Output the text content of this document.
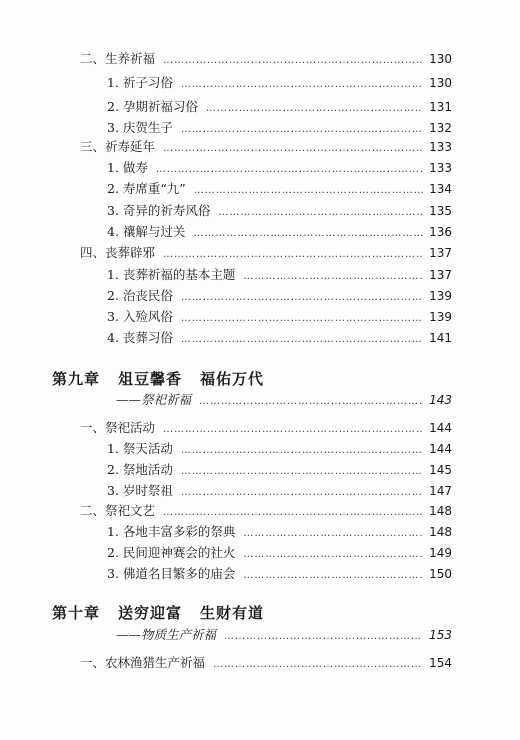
二、生养祈福 …………………………………………………………………………………………………………………………………………	130
1. 祈子习俗 …………………………………………………………………………………………………………………………………………	130
2. 孕期祈福习俗 …………………………………………………………………………………………………………………………………………	131
3. 庆贺生子 …………………………………………………………………………………………………………………………………………	132
三、祈寿延年 …………………………………………………………………………………………………………………………………………	133
1. 做寿 …………………………………………………………………………………………………………………………………………	133
2. 寿席重“九” …………………………………………………………………………………………………………………………………………	134
3. 奇异的祈寿风俗 …………………………………………………………………………………………………………………………………………	135
4. 禳解与过关 …………………………………………………………………………………………………………………………………………	136
四、丧葬辟邪 …………………………………………………………………………………………………………………………………………	137
1. 丧葬祈福的基本主题 …………………………………………………………………………………………………………………………………………	137
2. 治丧民俗 …………………………………………………………………………………………………………………………………………	139
3. 入殓风俗 …………………………………………………………………………………………………………………………………………	139
4. 丧葬习俗 …………………………………………………………………………………………………………………………………………	141
第九章 俎豆馨香 福佑万代
——祭祀祈福 …………………………………………………………………………………………………………………………………………	143
一、祭祀活动 …………………………………………………………………………………………………………………………………………	144
1. 祭天活动 …………………………………………………………………………………………………………………………………………	144
2. 祭地活动 …………………………………………………………………………………………………………………………………………	145
3. 岁时祭祖 …………………………………………………………………………………………………………………………………………	147
二、祭祀文艺 …………………………………………………………………………………………………………………………………………	148
1. 各地丰富多彩的祭典 …………………………………………………………………………………………………………………………………………	148
2. 民间迎神赛会的社火 …………………………………………………………………………………………………………………………………………	149
3. 佛道名目繁多的庙会 …………………………………………………………………………………………………………………………………………	150
第十章 送穷迎富 生财有道
——物质生产祈福 …………………………………………………………………………………………………………………………………………	153
一、农林渔猎生产祈福 …………………………………………………………………………………………………………………………………………	154
